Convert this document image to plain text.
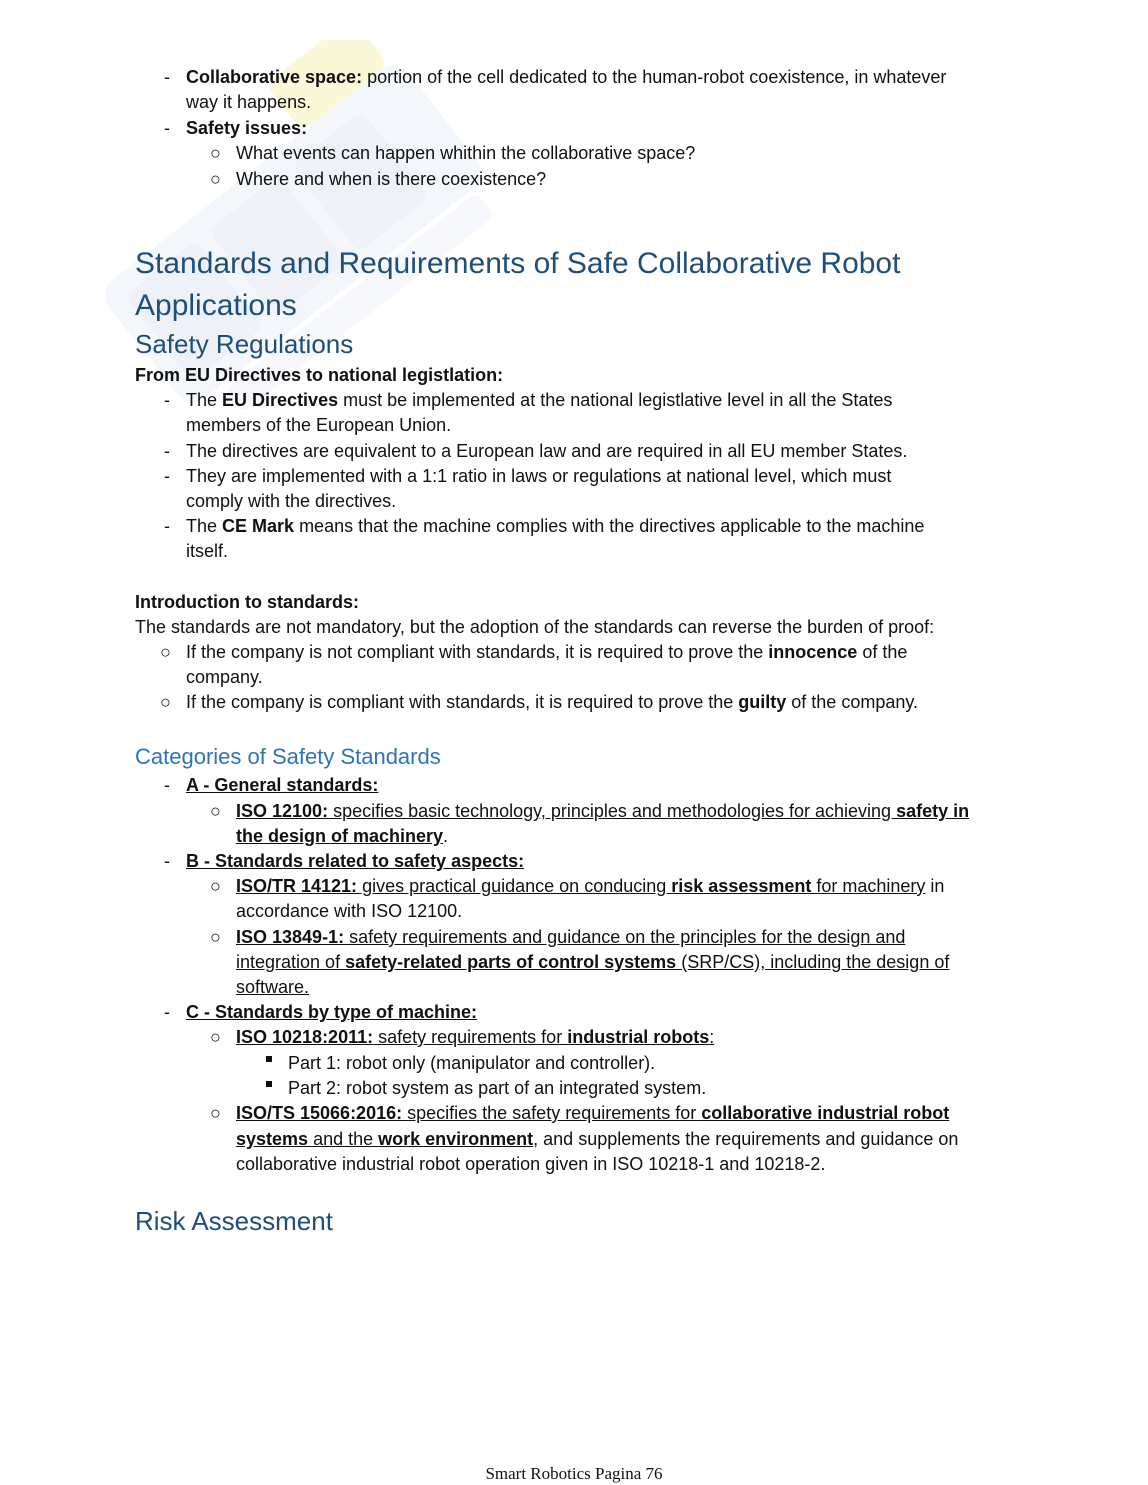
- Collaborative space: portion of the cell dedicated to the human-robot coexistence, in whatever
way it happens.
- Safety issues:
○ What events can happen whithin the collaborative space?
○ Where and when is there coexistence?
Standards and Requirements of Safe Collaborative Robot
Applications
Safety Regulations
From EU Directives to national legistlation:
- The EU Directives must be implemented at the national legistlative level in all the States
members of the European Union.
- The directives are equivalent to a European law and are required in all EU member States.
- They are implemented with a 1:1 ratio in laws or regulations at national level, which must
comply with the directives.
- The CE Mark means that the machine complies with the directives applicable to the machine
itself.
Introduction to standards:
The standards are not mandatory, but the adoption of the standards can reverse the burden of proof:
○ If the company is not compliant with standards, it is required to prove the innocence of the
company.
○ If the company is compliant with standards, it is required to prove the guilty of the company.
Categories of Safety Standards
- A - General standards:
○ ISO 12100: specifies basic technology, principles and methodologies for achieving safety in
the design of machinery.
- B - Standards related to safety aspects:
○ ISO/TR 14121: gives practical guidance on conducing risk assessment for machinery in
accordance with ISO 12100.
○ ISO 13849-1: safety requirements and guidance on the principles for the design and
integration of safety-related parts of control systems (SRP/CS), including the design of
software.
- C - Standards by type of machine:
○ ISO 10218:2011: safety requirements for industrial robots:
Part 1: robot only (manipulator and controller).
Part 2: robot system as part of an integrated system.
○ ISO/TS 15066:2016: specifies the safety requirements for collaborative industrial robot
systems and the work environment, and supplements the requirements and guidance on
collaborative industrial robot operation given in ISO 10218-1 and 10218-2.
Risk Assessment
Smart Robotics Pagina 76
